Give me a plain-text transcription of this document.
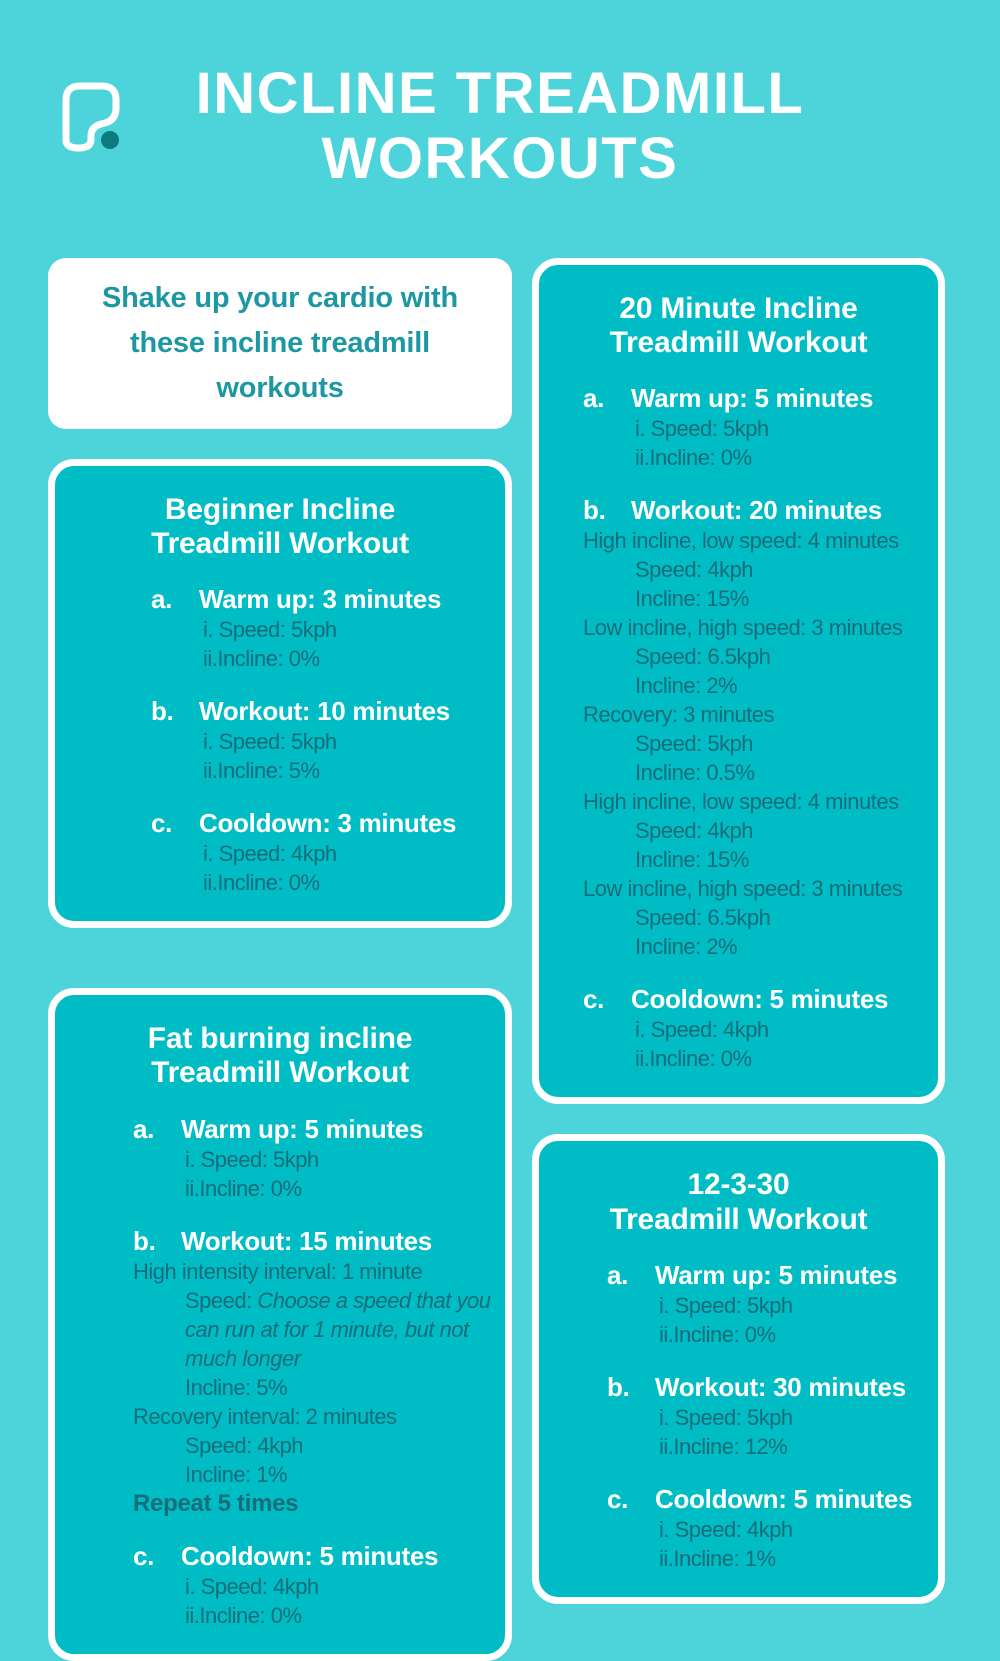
INCLINE TREADMILL
WORKOUTS

Shake up your cardio with these incline treadmill workouts

Beginner Incline
Treadmill Workout
a.	Warm up: 3 minutes
i. Speed: 5kph
ii.Incline: 0%
b. Workout: 10 minutes
i. Speed: 5kph
ii.Incline: 5%
c.	Cooldown: 3 minutes
i. Speed: 4kph
ii.Incline: 0%
Fat burning incline
Treadmill Workout
a.	Warm up: 5 minutes
i. Speed: 5kph
ii.Incline: 0%
b. Workout: 15 minutes
High intensity interval: 1 minute
Speed: Choose a speed that you can run at for 1 minute, but not much longer
Incline: 5%
Recovery interval: 2 minutes
Speed: 4kph
Incline: 1%
Repeat 5 times
c.	Cooldown: 5 minutes
i. Speed: 4kph
ii.Incline: 0%
20 Minute Incline
Treadmill Workout
a.	Warm up: 5 minutes
i. Speed: 5kph
ii.Incline: 0%
b. Workout: 20 minutes
High incline, low speed: 4 minutes
Speed: 4kph
Incline: 15%
Low incline, high speed: 3 minutes
Speed: 6.5kph
Incline: 2%
Recovery: 3 minutes
Speed: 5kph
Incline: 0.5%
High incline, low speed: 4 minutes
Speed: 4kph
Incline: 15%
Low incline, high speed: 3 minutes
Speed: 6.5kph
Incline: 2%
c.	Cooldown: 5 minutes
i. Speed: 4kph
ii.Incline: 0%
12-3-30
Treadmill Workout
a.	Warm up: 5 minutes
i. Speed: 5kph
ii.Incline: 0%
b. Workout: 30 minutes
i. Speed: 5kph
ii.Incline: 12%
c.	Cooldown: 5 minutes
i. Speed: 4kph
ii.Incline: 1%
